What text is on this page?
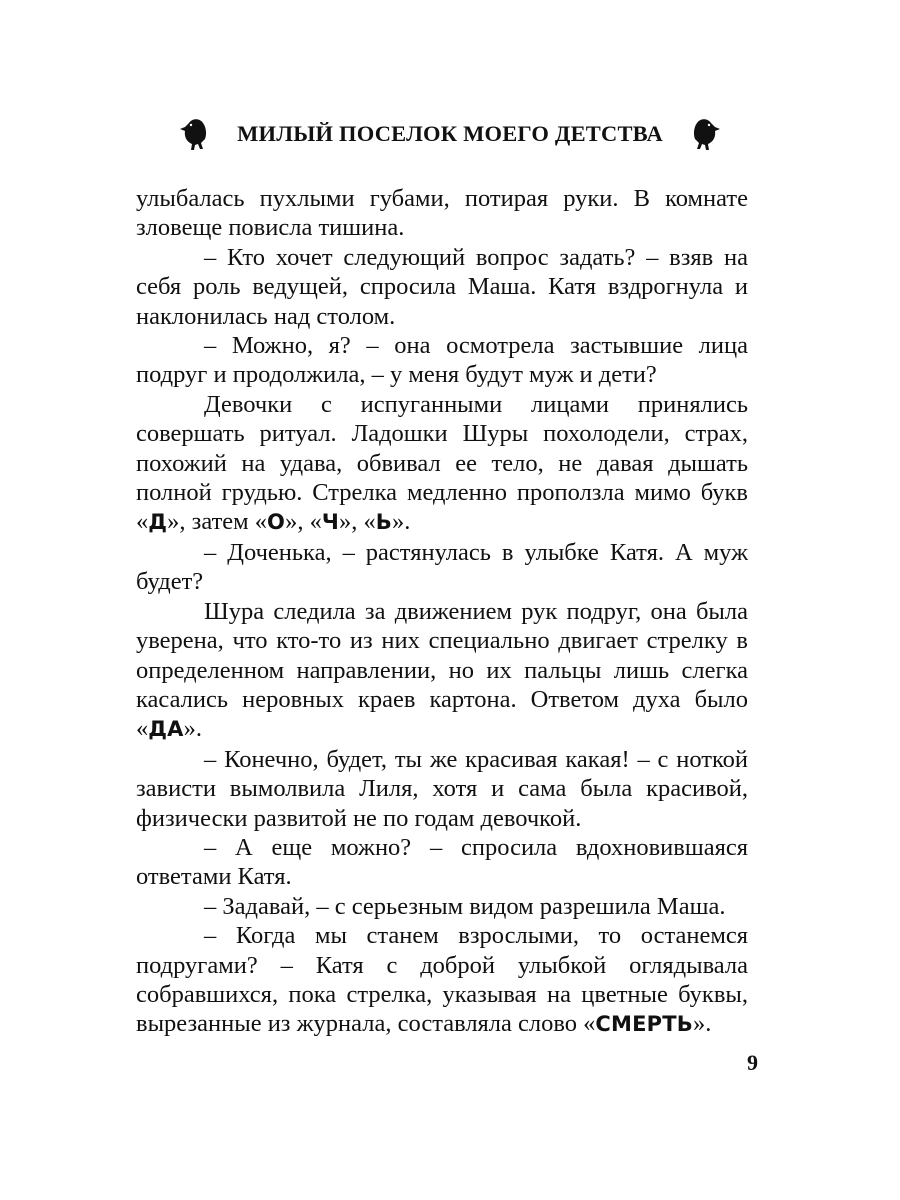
МИЛЫЙ ПОСЕЛОК МОЕГО ДЕТСТВА

улыбалась пухлыми губами, потирая руки. В комнате зловеще повисла тишина.

– Кто хочет следующий вопрос задать? – взяв на себя роль ведущей, спросила Маша. Катя вздрогнула и наклонилась над столом.

– Можно, я? – она осмотрела застывшие лица подруг и продолжила, – у меня будут муж и дети?

Девочки с испуганными лицами принялись совершать ритуал. Ладошки Шуры похолодели, страх, похожий на удава, обвивал ее тело, не давая дышать полной грудью. Стрелка медленно проползла мимо букв «Д», затем «О», «Ч», «Ь».

– Доченька, – растянулась в улыбке Катя. А муж будет?

Шура следила за движением рук подруг, она была уверена, что кто-то из них специально двигает стрелку в определенном направлении, но их пальцы лишь слегка касались неровных краев картона. Ответом духа было «ДА».

– Конечно, будет, ты же красивая какая! – с ноткой зависти вымолвила Лиля, хотя и сама была красивой, физически развитой не по годам девочкой.

– А еще можно? – спросила вдохновившаяся ответами Катя.

– Задавай, – с серьезным видом разрешила Маша.

– Когда мы станем взрослыми, то останемся подругами? – Катя с доброй улыбкой оглядывала собравшихся, пока стрелка, указывая на цветные буквы, вырезанные из журнала, составляла слово «СМЕРТЬ».

9
